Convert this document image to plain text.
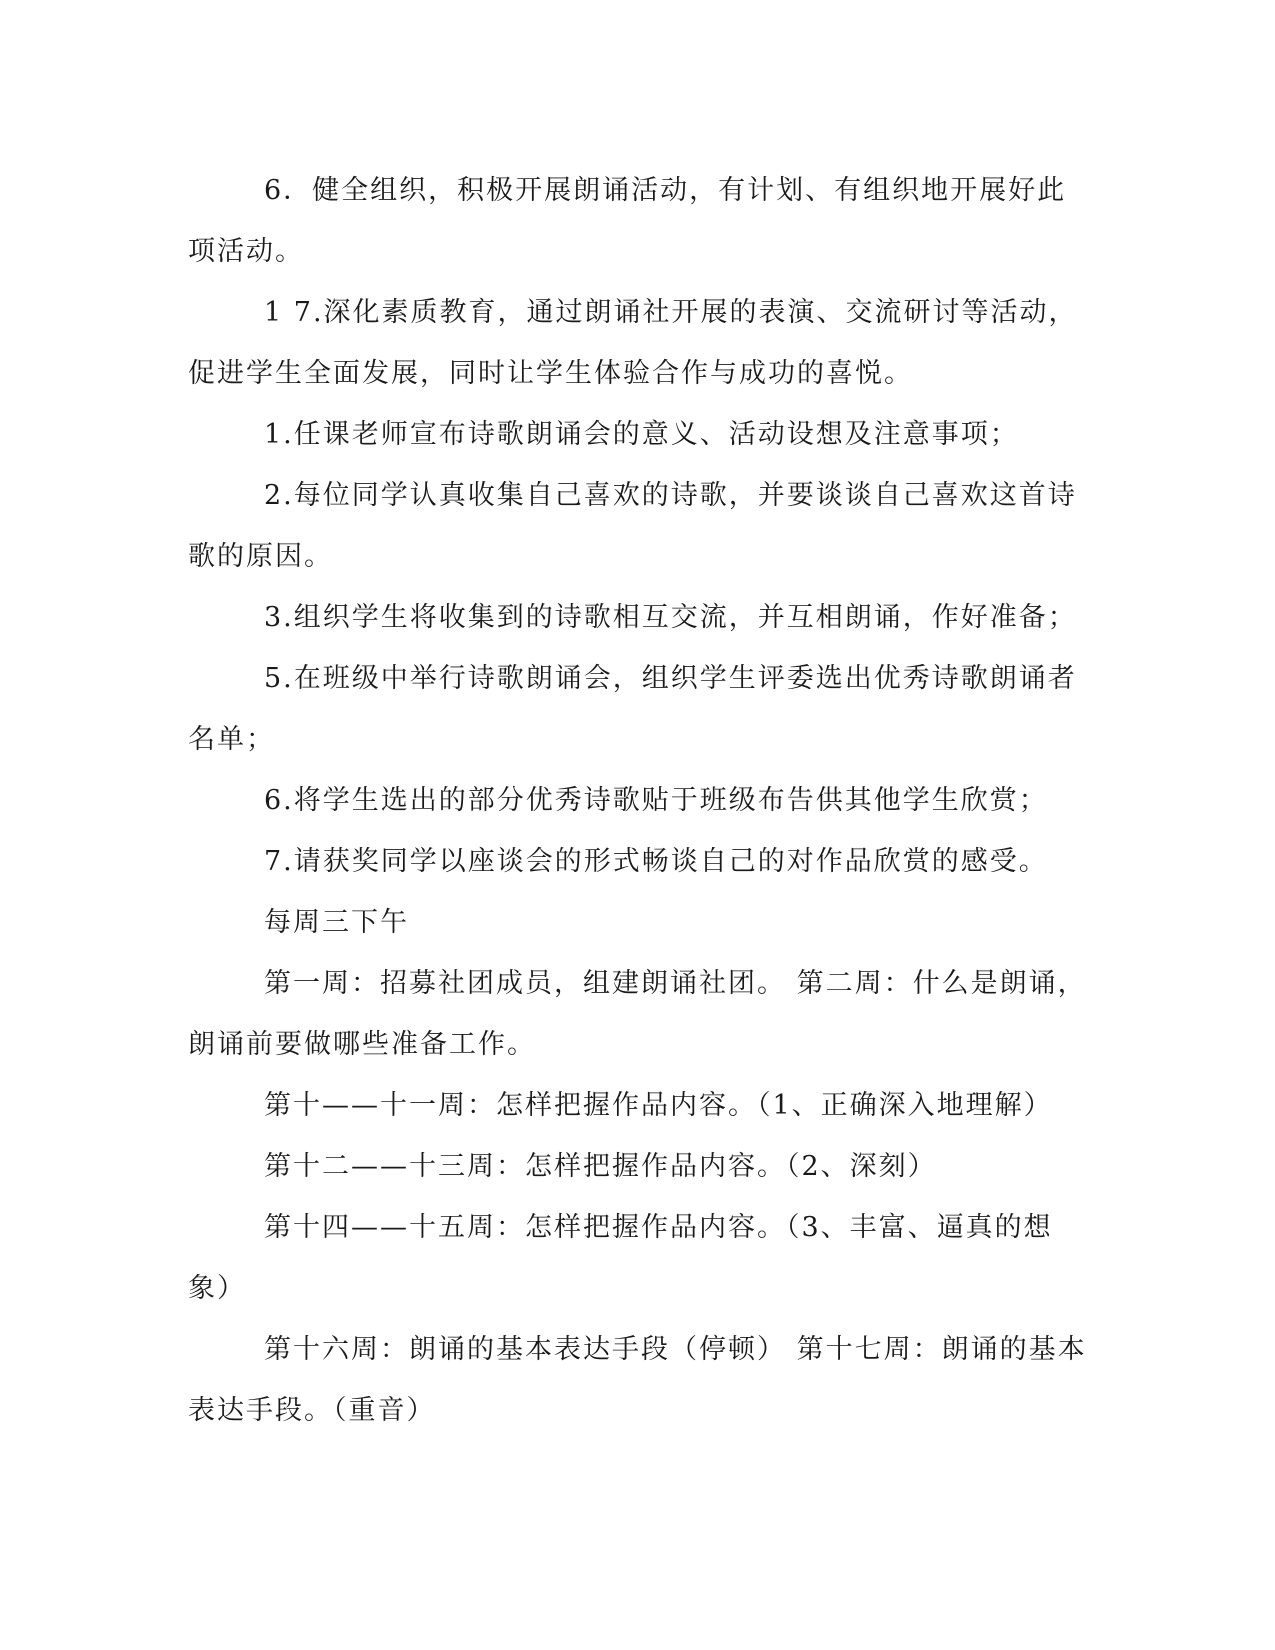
6．健全组织，积极开展朗诵活动，有计划、有组织地开展好此项活动。

1 7.深化素质教育，通过朗诵社开展的表演、交流研讨等活动，促进学生全面发展，同时让学生体验合作与成功的喜悦。

1.任课老师宣布诗歌朗诵会的意义、活动设想及注意事项；

2.每位同学认真收集自己喜欢的诗歌，并要谈谈自己喜欢这首诗歌的原因。

3.组织学生将收集到的诗歌相互交流，并互相朗诵，作好准备；

5.在班级中举行诗歌朗诵会，组织学生评委选出优秀诗歌朗诵者名单；

6.将学生选出的部分优秀诗歌贴于班级布告供其他学生欣赏；

7.请获奖同学以座谈会的形式畅谈自己的对作品欣赏的感受。

每周三下午

第一周：招募社团成员，组建朗诵社团。 第二周：什么是朗诵，朗诵前要做哪些准备工作。

第十——十一周：怎样把握作品内容。（1、正确深入地理解）

第十二——十三周：怎样把握作品内容。（2、深刻）

第十四——十五周：怎样把握作品内容。（3、丰富、逼真的想象）

第十六周：朗诵的基本表达手段（停顿） 第十七周：朗诵的基本表达手段。（重音）
